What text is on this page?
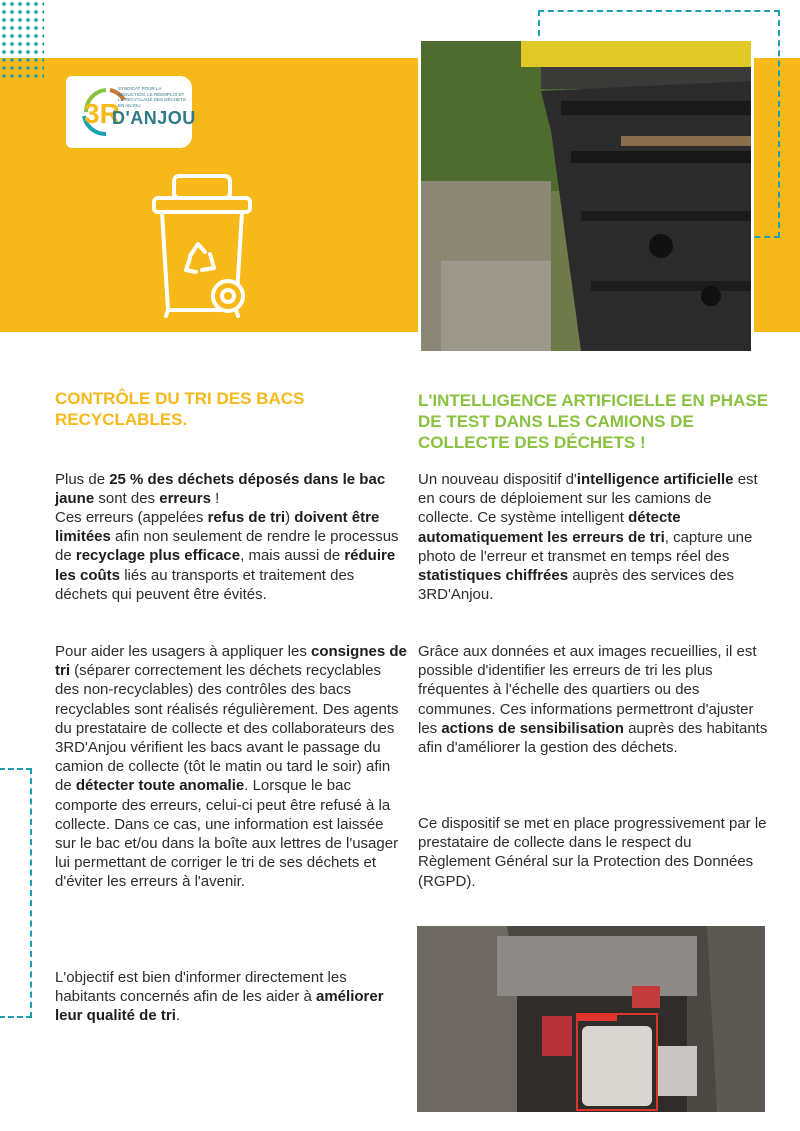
3R
D'ANJOU
SYNDICAT POUR LA RÉDUCTION, LE RÉEMPLOI ET LE RECYCLAGE DES DÉCHETS EN ANJOU
CONTRÔLE DU TRI DES BACS RECYCLABLES.
L'INTELLIGENCE ARTIFICIELLE EN PHASE DE TEST DANS LES CAMIONS DE COLLECTE DES DÉCHETS !
Plus de 25 % des déchets déposés dans le bac jaune sont des erreurs !
Ces erreurs (appelées refus de tri) doivent être limitées afin non seulement de rendre le processus de recyclage plus efficace, mais aussi de réduire les coûts liés au transports et traitement des déchets qui peuvent être évités.
Pour aider les usagers à appliquer les consignes de tri (séparer correctement les déchets recyclables des non-recyclables) des contrôles des bacs recyclables sont réalisés régulièrement. Des agents du prestataire de collecte et des collaborateurs des 3RD'Anjou vérifient les bacs avant le passage du camion de collecte (tôt le matin ou tard le soir) afin de détecter toute anomalie. Lorsque le bac comporte des erreurs, celui-ci peut être refusé à la collecte. Dans ce cas, une information est laissée sur le bac et/ou dans la boîte aux lettres de l'usager lui permettant de corriger le tri de ses déchets et d'éviter les erreurs à l'avenir.
L'objectif est bien d'informer directement les habitants concernés afin de les aider à améliorer leur qualité de tri.
Un nouveau dispositif d'intelligence artificielle est en cours de déploiement sur les camions de collecte. Ce système intelligent détecte automatiquement les erreurs de tri, capture une photo de l'erreur et transmet en temps réel des statistiques chiffrées auprès des services des 3RD'Anjou.
Grâce aux données et aux images recueillies, il est possible d'identifier les erreurs de tri les plus fréquentes à l'échelle des quartiers ou des communes. Ces informations permettront d'ajuster les actions de sensibilisation auprès des habitants afin d'améliorer la gestion des déchets.
Ce dispositif se met en place progressivement par le prestataire de collecte dans le respect du Règlement Général sur la Protection des Données (RGPD).
